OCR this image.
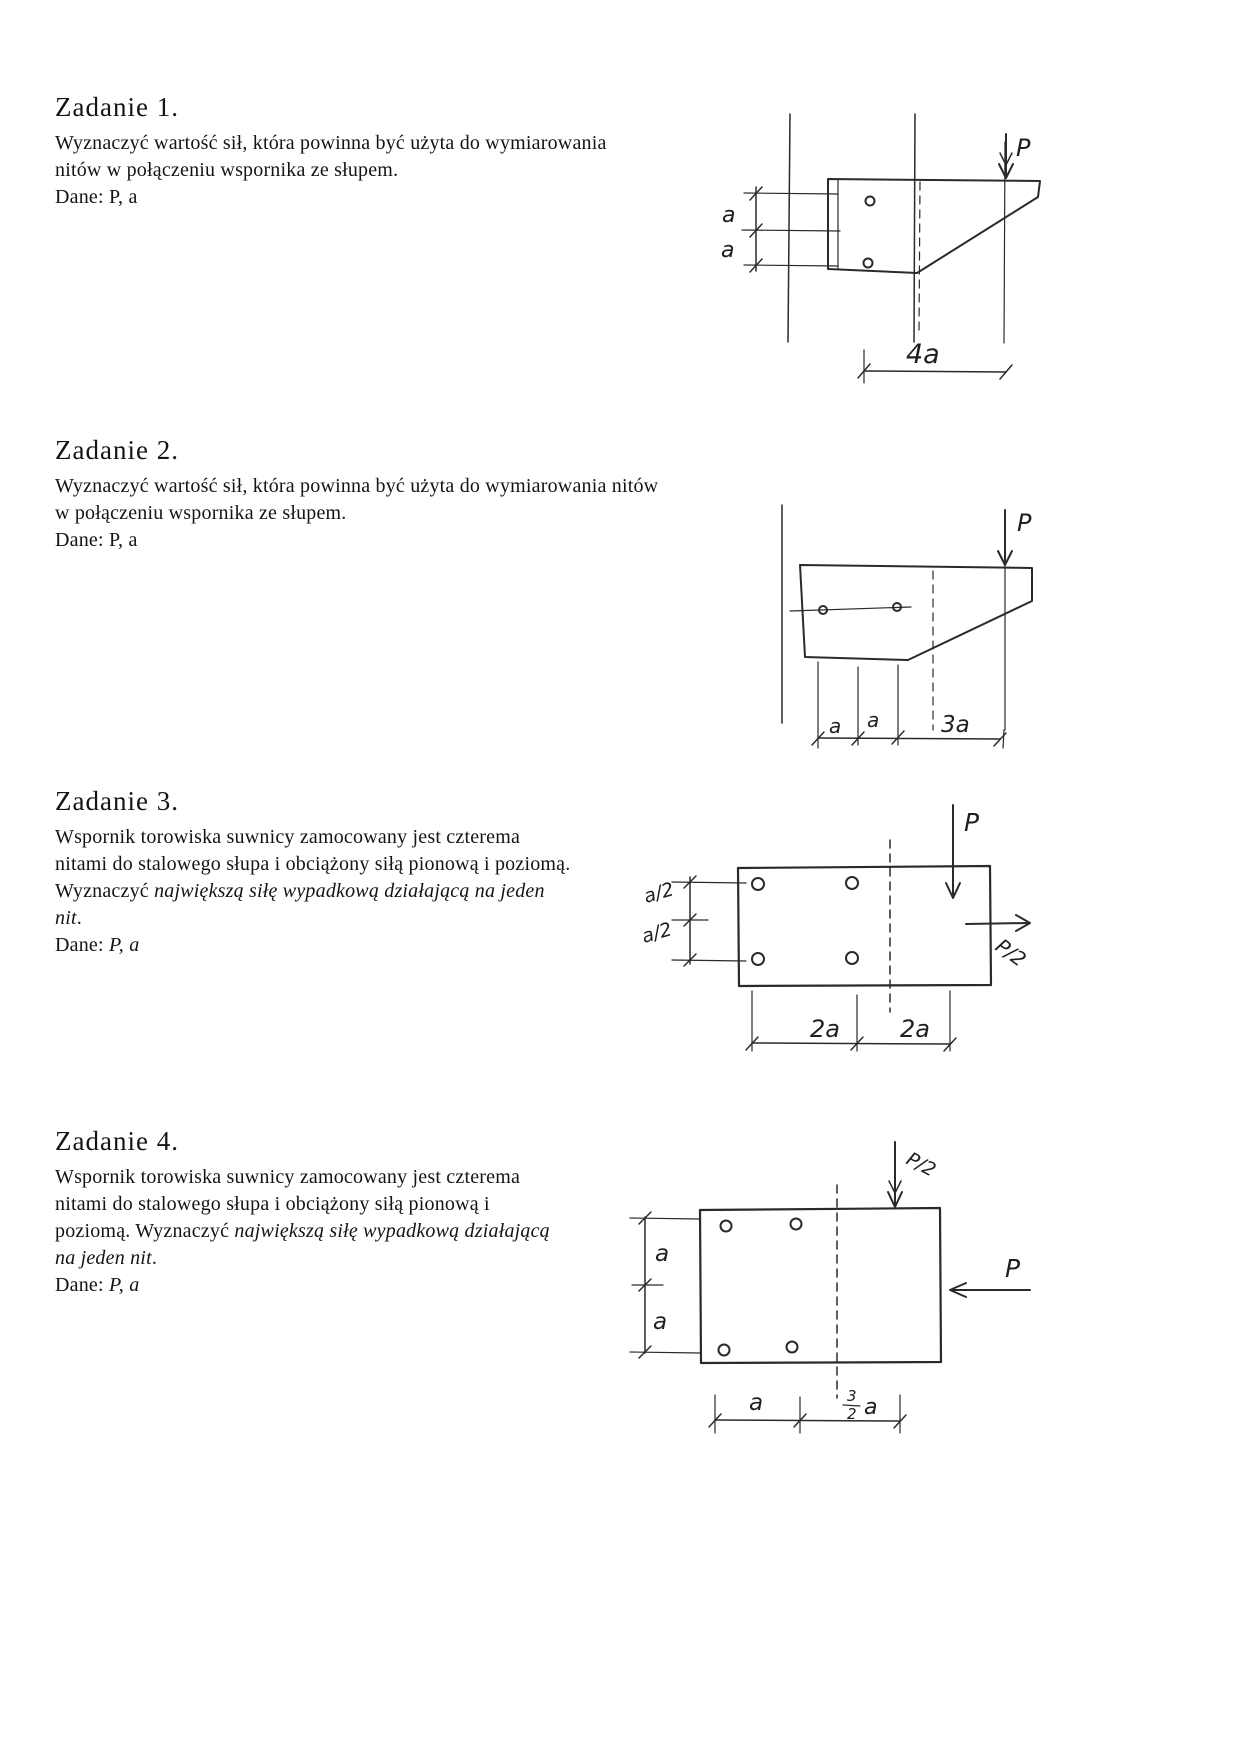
Zadanie 1.

Wyznaczyć wartość sił, która powinna być użyta do wymiarowania

nitów w połączeniu wspornika ze słupem.

Dane: P, a

P
a
a
4a
Zadanie 2.

Wyznaczyć wartość sił, która powinna być użyta do wymiarowania nitów

w połączeniu wspornika ze słupem.

Dane: P, a

P
a a	3a
Zadanie 3.

Wspornik torowiska suwnicy zamocowany jest czterema

nitami do stalowego słupa i obciążony siłą pionową i poziomą.

Wyznaczyć największą siłę wypadkową działającą na jeden

nit.

Dane: P, a

P
P/2
a/2
a/2
2a	2a
Zadanie 4.

Wspornik torowiska suwnicy zamocowany jest czterema

nitami do stalowego słupa i obciążony siłą pionową i

poziomą. Wyznaczyć największą siłę wypadkową działającą

na jeden nit.

Dane: P, a

P/2
P
a
a
a	3
2 a
